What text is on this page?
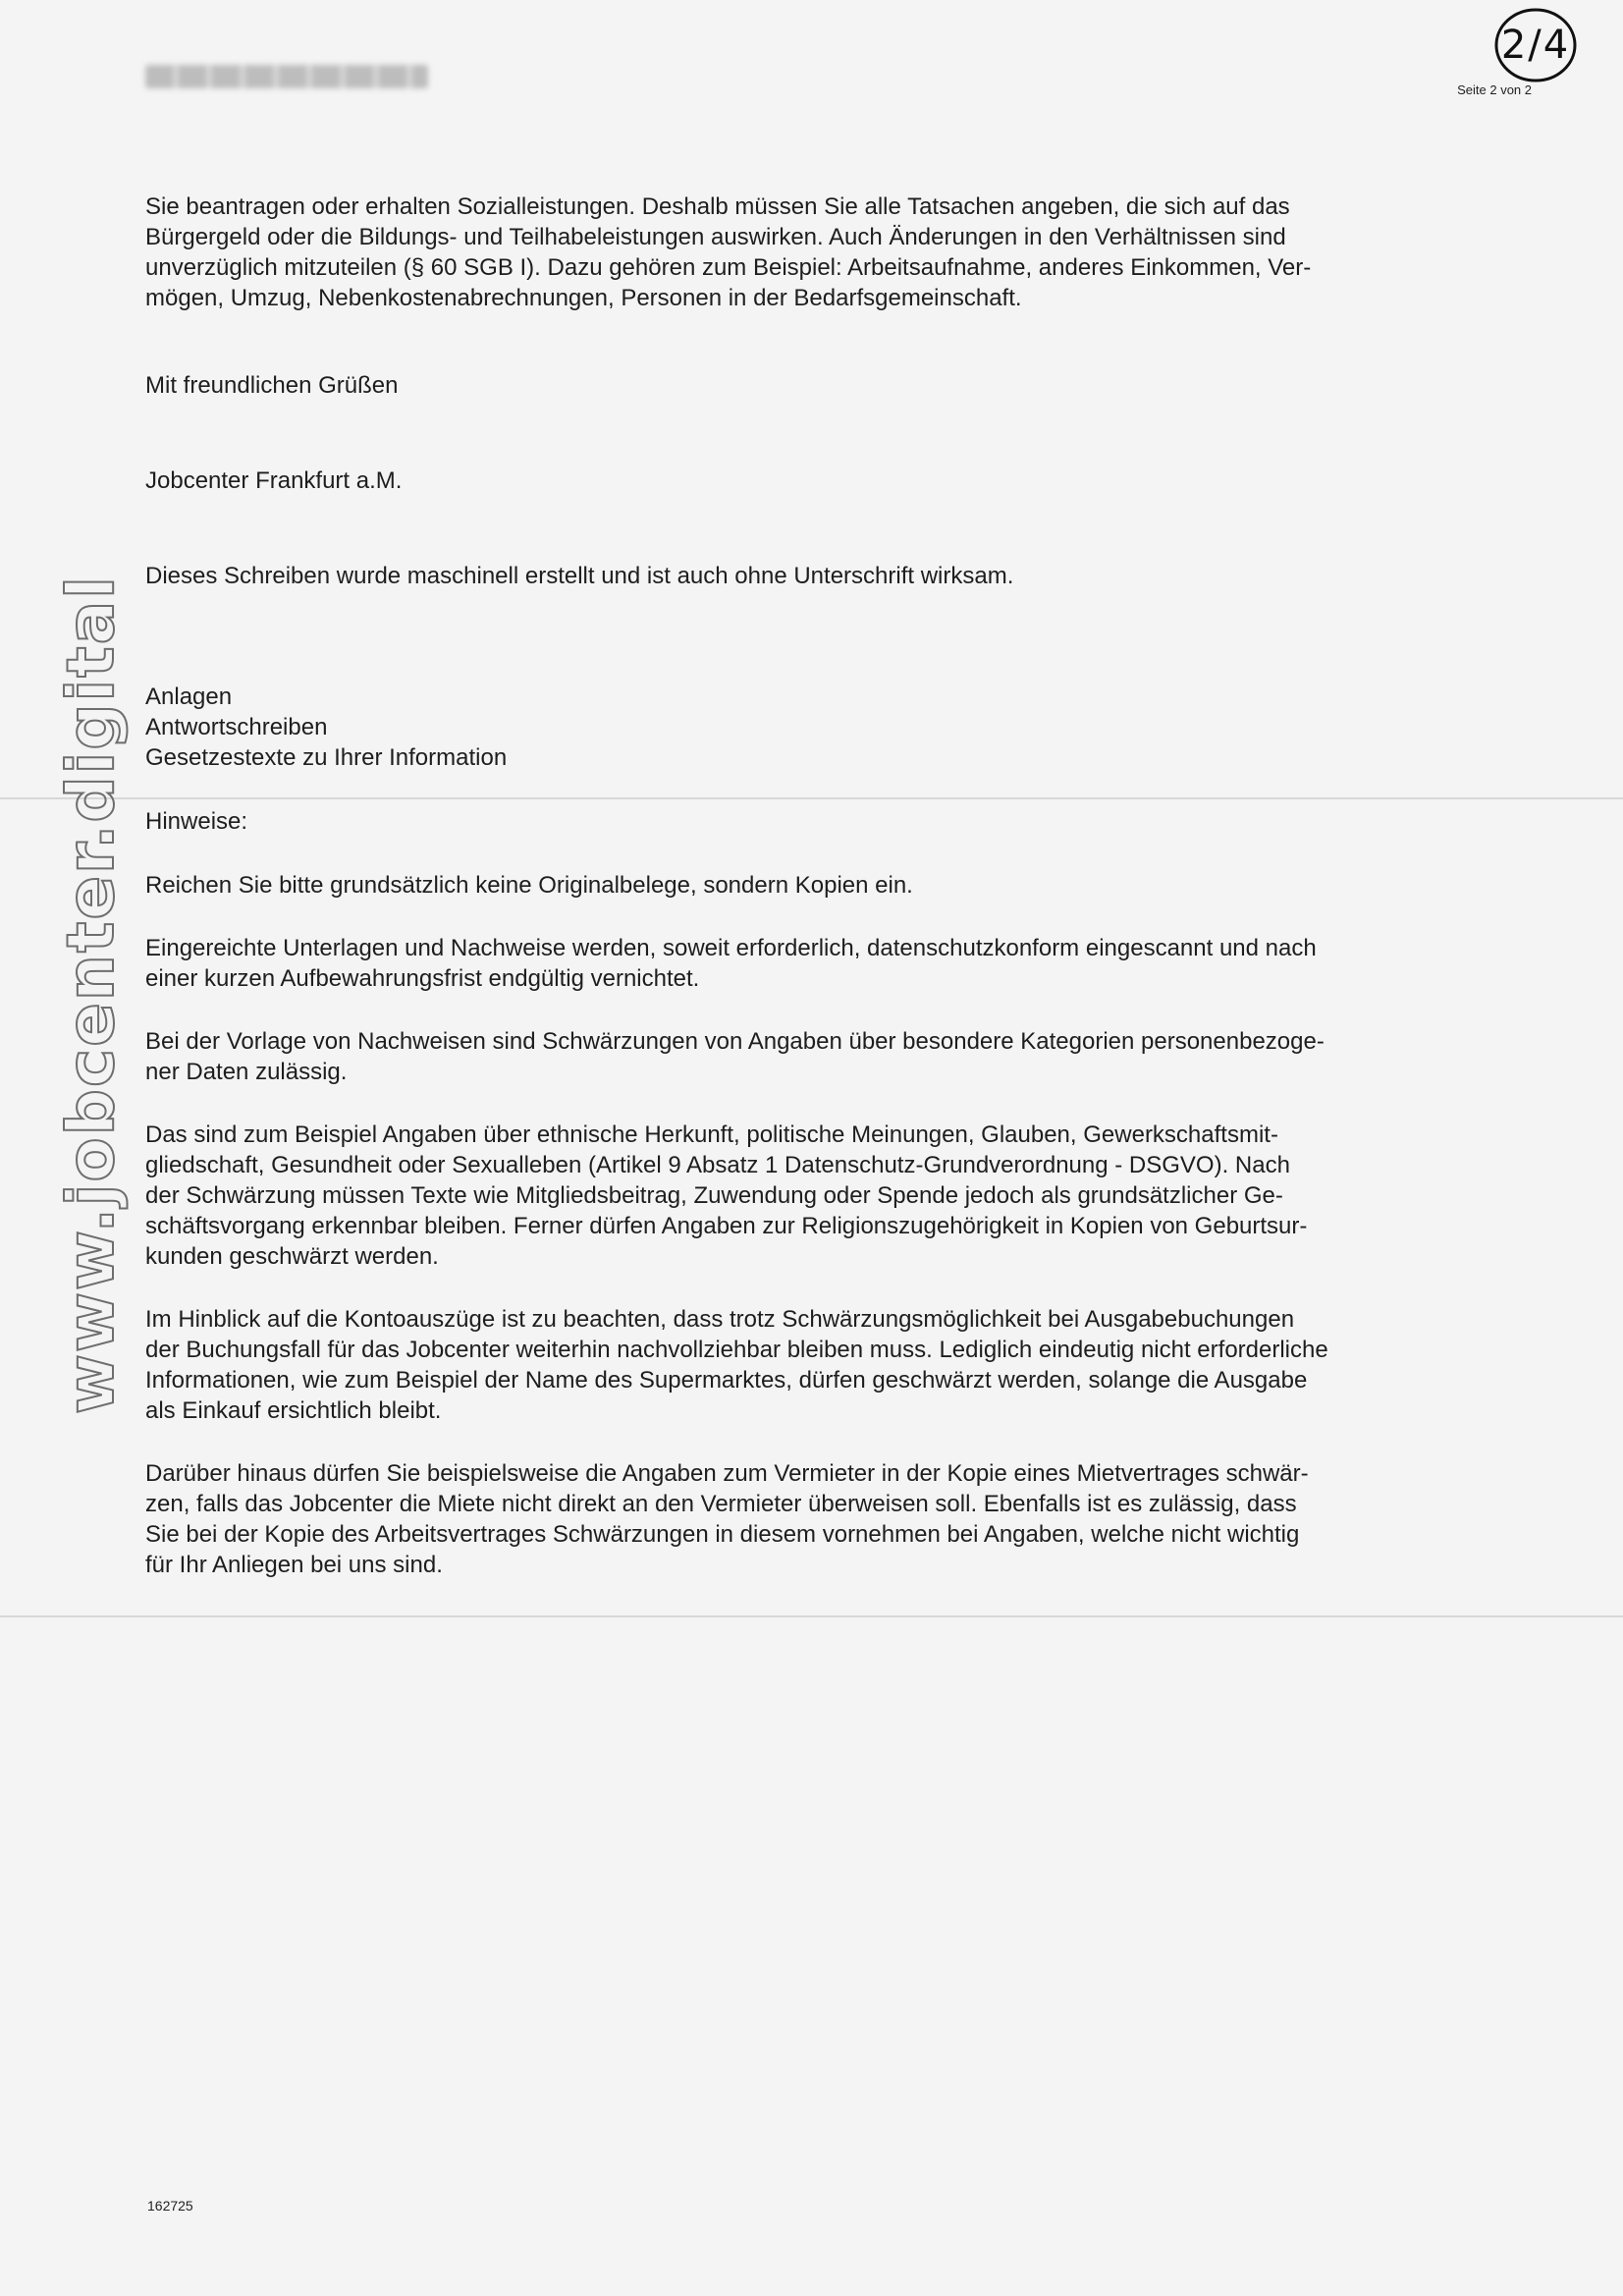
Seite 2 von 2
2/4
www.jobcenter.digital

Sie beantragen oder erhalten Sozialleistungen. Deshalb müssen Sie alle Tatsachen angeben, die sich auf das
Bürgergeld oder die Bildungs- und Teilhabeleistungen auswirken. Auch Änderungen in den Verhältnissen sind
unverzüglich mitzuteilen (§ 60 SGB I). Dazu gehören zum Beispiel: Arbeitsaufnahme, anderes Einkommen, Ver-
mögen, Umzug, Nebenkostenabrechnungen, Personen in der Bedarfsgemeinschaft.

Mit freundlichen Grüßen

Jobcenter Frankfurt a.M.

Dieses Schreiben wurde maschinell erstellt und ist auch ohne Unterschrift wirksam.

Anlagen
Antwortschreiben
Gesetzestexte zu Ihrer Information

Hinweise:

Reichen Sie bitte grundsätzlich keine Originalbelege, sondern Kopien ein.

Eingereichte Unterlagen und Nachweise werden, soweit erforderlich, datenschutzkonform eingescannt und nach
einer kurzen Aufbewahrungsfrist endgültig vernichtet.

Bei der Vorlage von Nachweisen sind Schwärzungen von Angaben über besondere Kategorien personenbezoge-
ner Daten zulässig.

Das sind zum Beispiel Angaben über ethnische Herkunft, politische Meinungen, Glauben, Gewerkschaftsmit-
gliedschaft, Gesundheit oder Sexualleben (Artikel 9 Absatz 1 Datenschutz-Grundverordnung - DSGVO). Nach
der Schwärzung müssen Texte wie Mitgliedsbeitrag, Zuwendung oder Spende jedoch als grundsätzlicher Ge-
schäftsvorgang erkennbar bleiben. Ferner dürfen Angaben zur Religionszugehörigkeit in Kopien von Geburtsur-
kunden geschwärzt werden.

Im Hinblick auf die Kontoauszüge ist zu beachten, dass trotz Schwärzungsmöglichkeit bei Ausgabebuchungen
der Buchungsfall für das Jobcenter weiterhin nachvollziehbar bleiben muss. Lediglich eindeutig nicht erforderliche
Informationen, wie zum Beispiel der Name des Supermarktes, dürfen geschwärzt werden, solange die Ausgabe
als Einkauf ersichtlich bleibt.

Darüber hinaus dürfen Sie beispielsweise die Angaben zum Vermieter in der Kopie eines Mietvertrages schwär-
zen, falls das Jobcenter die Miete nicht direkt an den Vermieter überweisen soll. Ebenfalls ist es zulässig, dass
Sie bei der Kopie des Arbeitsvertrages Schwärzungen in diesem vornehmen bei Angaben, welche nicht wichtig
für Ihr Anliegen bei uns sind.

162725
